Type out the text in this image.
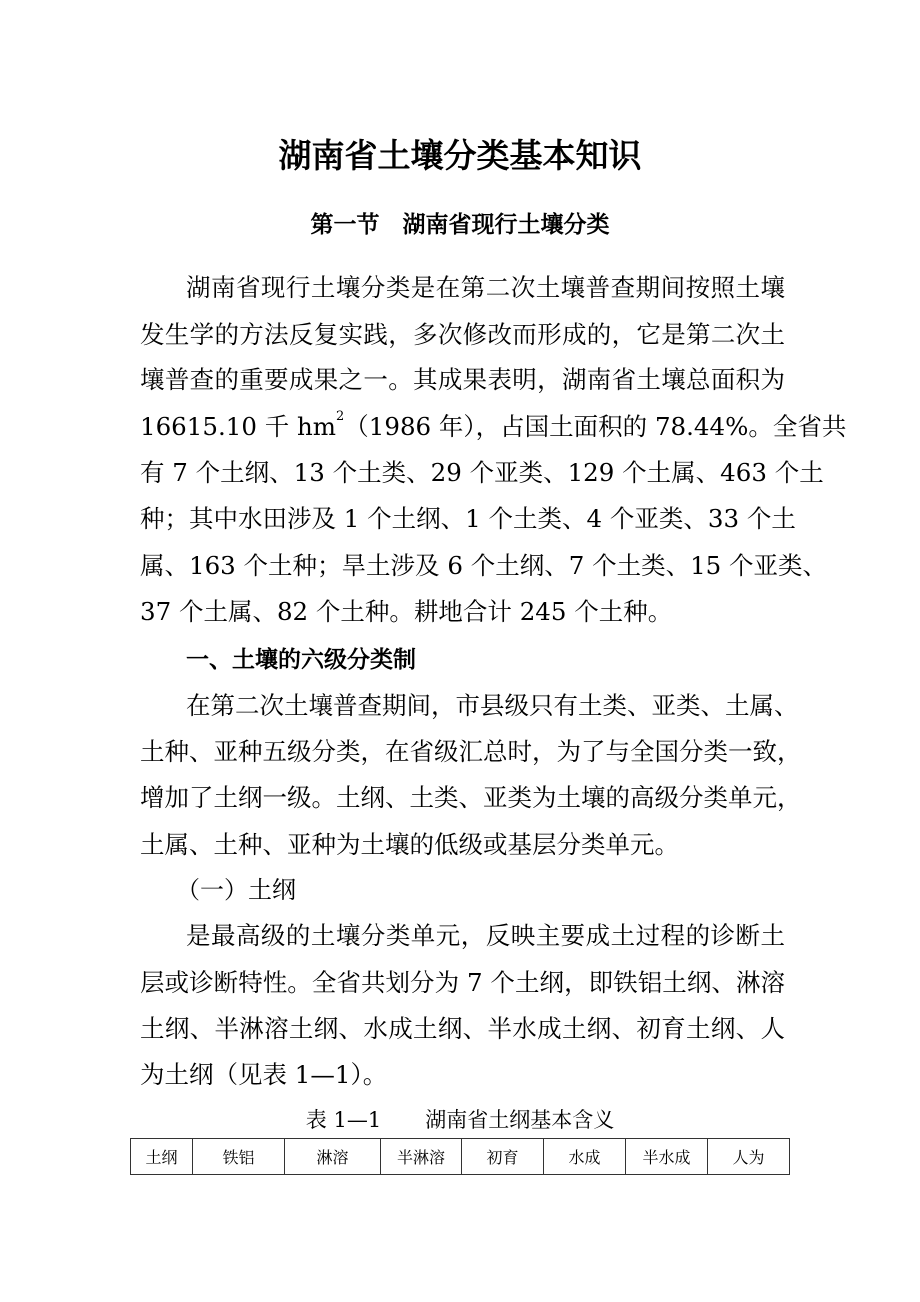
湖南省土壤分类基本知识
第一节　湖南省现行土壤分类
湖南省现行土壤分类是在第二次土壤普查期间按照土壤
发生学的方法反复实践，多次修改而形成的，它是第二次土
壤普查的重要成果之一。其成果表明，湖南省土壤总面积为
16615.10 千 $hm^2(1986$ 年），占国土面积的 78.44%。全省共
有 7 个土纲、13 个土类、29 个亚类、129 个土属、463 个土
种；其中水田涉及 1 个土纲、1 个土类、4 个亚类、33 个土
属、163 个土种；旱土涉及 6 个土纲、7 个土类、15 个亚类、
37 个土属、82 个土种。耕地合计 245 个土种。
一、土壤的六级分类制
在第二次土壤普查期间，市县级只有土类、亚类、土属、
土种、亚种五级分类，在省级汇总时，为了与全国分类一致，
增加了土纲一级。土纲、土类、亚类为土壤的高级分类单元，
土属、土种、亚种为土壤的低级或基层分类单元。
（一）土纲
是最高级的土壤分类单元，反映主要成土过程的诊断土
层或诊断特性。全省共划分为 7 个土纲，即铁铝土纲、淋溶
土纲、半淋溶土纲、水成土纲、半水成土纲、初育土纲、人
为土纲（见表 1—1）。
表 1—1 湖南省土纲基本含义
土纲	铁铝	淋溶	半淋溶	初育	水成	半水成	人为
